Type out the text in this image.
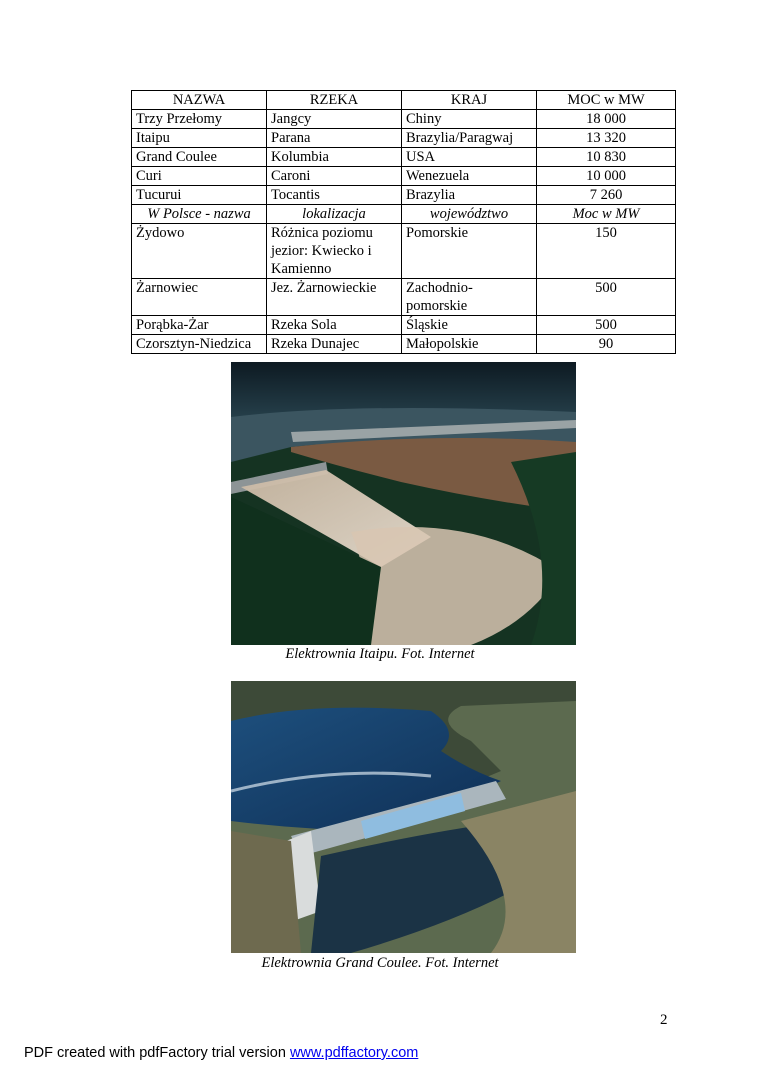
NAZWA	RZEKA	KRAJ	MOC w MW
Trzy Przełomy	Jangcy	Chiny	18 000
Itaipu	Parana	Brazylia/Paragwaj	13 320
Grand Coulee	Kolumbia	USA	10 830
Curi	Caroni	Wenezuela	10 000
Tucurui	Tocantis	Brazylia	7 260
W Polsce - nazwa	lokalizacja	województwo	Moc w MW
Żydowo	Różnica poziomu jezior: Kwiecko i Kamienno	Pomorskie	150
Żarnowiec	Jez. Żarnowieckie	Zachodnio-pomorskie	500
Porąbka-Żar	Rzeka Sola	Śląskie	500
Czorsztyn-Niedzica	Rzeka Dunajec	Małopolskie	90
Elektrownia Itaipu. Fot. Internet
Elektrownia Grand Coulee. Fot. Internet
2
PDF created with pdfFactory trial version www.pdffactory.com
